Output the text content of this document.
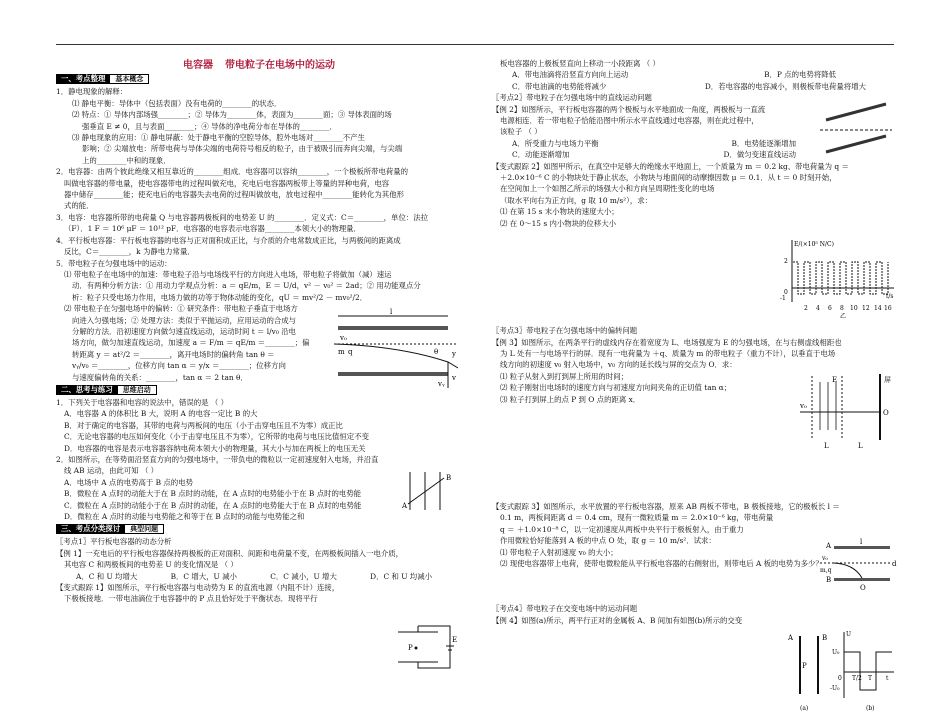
电容器 带电粒子在电场中的运动
一、考点整理	基本概念

1．静电现象的解释：

⑴ 静电平衡：导体中（包括表面）没有电荷的________的状态．

⑵ 特点：① 导体内部场强________；② 导体为________体，表面为________面；③ 导体表面的场

强垂直 E ≠ 0，且与表面________；④ 导体的净电荷分布在导体的________．

⑶ 静电现象的应用：① 静电屏蔽：处于静电平衡的空腔导体，腔外电场对________不产生

影响；② 尖端放电：所带电荷与导体尖端的电荷符号相反的粒子，由于被吸引而奔向尖端，与尖端

上的________中和的现象．

2．电容器：由两个彼此绝缘又相互靠近的________组成．电容器可以容纳________，一个极板所带电荷量的

叫做电容器的带电量，使电容器带电的过程叫做充电，充电后电容器两板带上等量的异种电荷，电容

器中储存________能；使充电后的电容器失去电荷的过程叫做放电，放电过程中________能转化为其他形

式的能．

3．电容：电容器所带的电荷量 Q 与电容器两极板间的电势差 U 的________．定义式：C＝________，单位：法拉

（F）．1 F ＝ 10⁶ μF ＝ 10¹² pF．电容器的电容表示电容器________本领大小的物理量．

4．平行板电容器：平行板电容器的电容与正对面积成正比，与介质的介电常数成正比，与两极间的距离成

反比，C＝________，k 为静电力常量．

5．带电粒子在匀强电场中的运动：

⑴ 带电粒子在电场中的加速：带电粒子沿与电场线平行的方向进入电场，带电粒子将做加（减）速运

动．有两种分析方法：① 用动力学观点分析：a ＝ qE/m，E ＝ U/d，v² － v₀² ＝ 2ad；② 用功能观点分

析：粒子只受电场力作用，电场力做的功等于物体动能的变化，qU ＝ mv²/2 － mv₀²/2．

⑵ 带电粒子在匀强电场中的偏转：① 研究条件：带电粒子垂直于电场方

向进入匀强电场；② 处理方法：类似于平抛运动，应用运动的合成与

分解的方法．沿初速度方向做匀速直线运动，运动时间 t ＝ l/v₀ 沿电

场方向，做匀加速直线运动，加速度 a ＝ F/m ＝ qE/m ＝________；偏

转距离 y ＝ at²/2 ＝________，离开电场时的偏转角 tan θ ＝

vᵧ/v₀ ＝________，位移方向 tan α ＝ y/x ＝________；位移方向

与速度偏转角的关系：________，tan α ＝ 2 tan θ．

二、思考与练习	思维启动

1．下列关于电容器和电容的说法中，错误的是 （ ）

A．电容器 A 的体积比 B 大，说明 A 的电容一定比 B 的大

B．对于确定的电容器，其带的电荷与两板间的电压（小于击穿电压且不为零）成正比

C．无论电容器的电压如何变化（小于击穿电压且不为零），它所带的电荷与电压比值恒定不变

D．电容器的电容是表示电容器容纳电荷本领大小的物理量，其大小与加在两板上的电压无关

2．如图所示，在等势面沿竖直方向的匀强电场中，一带负电的微粒以一定初速度射入电场，并沿直

线 AB 运动，由此可知 （ ）

A．电场中 A 点的电势高于 B 点的电势

B．微粒在 A 点时的动能大于在 B 点时的动能，在 A 点时的电势能小于在 B 点时的电势能

C．微粒在 A 点时的动能小于在 B 点时的动能，在 A 点时的电势能大于在 B 点时的电势能

D．微粒在 A 点时的动能与电势能之和等于在 B 点时的动能与电势能之和

三、考点分类探讨	典型问题

〖考点1〗平行板电容器的动态分析

【例 1】一充电后的平行板电容器保持两极板的正对面积、间距和电荷量不变，在两极板间插入一电介质，

其电容 C 和两极板间的电势差 U 的变化情况是 （ ）

A．C 和 U 均增大	B．C 增大，U 减小	C．C 减小，U 增大	D．C 和 U 均减小

【变式跟踪 1】如图所示，平行板电容器与电动势为 E 的直流电源（内阻不计）连接，

下极板接地．一带电油滴位于电容器中的 P 点且恰好处于平衡状态．现将平行

v₀
m q
l
θ y
vᵧ
v
A
B
P
E

板电容器的上极板竖直向上移动一小段距离 （ ）

A．带电油滴将沿竖直方向向上运动	B．P 点的电势将降低
C．带电油滴的电势能将减少	D．若电容器的电容减小，则极板带电荷量将增大

〖考点2〗带电粒子在匀强电场中的直线运动问题

【例 2】如图所示，平行板电容器的两个极板与水平地面成一角度，两极板与一直流

电源相连．若一带电粒子恰能沿图中所示水平直线通过电容器，则在此过程中，

该粒子 （ ）

A．所受重力与电场力平衡	B．电势能逐渐增加
C．动能逐渐增加	D．做匀变速直线运动

【变式跟踪 2】如图甲所示，在真空中足够大的绝缘水平地面上，一个质量为 m ＝ 0.2 kg、带电荷量为 q ＝

＋2.0×10⁻⁶ C 的小物块处于静止状态，小物块与地面间的动摩擦因数 μ ＝ 0.1．从 t ＝ 0 时刻开始，

在空间加上一个如图乙所示的场强大小和方向呈周期性变化的电场

（取水平向右为正方向，g 取 10 m/s²），求：

⑴ 在第 15 s 末小物块的速度大小；

⑵ 在 0～15 s 内小物块的位移大小

〖考点3〗带电粒子在匀强电场中的偏转问题

【例 3】如图所示，在两条平行的虚线内存在着宽度为 L、电场强度为 E 的匀强电场，在与右侧虚线相距也

为 L 处有一与电场平行的屏．现有一电荷量为 ＋q、质量为 m 的带电粒子（重力不计），以垂直于电场

线方向的初速度 v₀ 射入电场中，v₀ 方向的延长线与屏的交点为 O．求：

⑴ 粒子从射入到打到屏上所用的时间；

⑵ 粒子刚射出电场时的速度方向与初速度方向间夹角的正切值 tan α；

⑶ 粒子打到屏上的点 P 到 O 点的距离 x．

【变式跟踪 3】如图所示，水平放置的平行板电容器，原来 AB 两板不带电，B 极板接地，它的极板长 l ＝

0.1 m，两板间距离 d ＝ 0.4 cm，现有一微粒质量 m ＝ 2.0×10⁻⁶ kg，带电荷量

q ＝ ＋1.0×10⁻⁸ C，以一定初速度从两板中央平行于极板射入，由于重力

作用微粒恰好能落到 A 板的中点 O 处，取 g ＝ 10 m/s²．试求：

⑴ 带电粒子入射初速度 v₀ 的大小；

⑵ 现使电容器带上电荷，使带电微粒能从平行板电容器的右侧射出，则带电后 A 板的电势为多少？

〖考点4〗带电粒子在交变电场中的运动问题

【例 4】如图(a)所示，两平行正对的金属板 A、B 间加有如图(b)所示的交变

E/(×10⁵ N/C)
2
-1	t/s
0
2 4 6 8 10 12 14 16
乙
E
O
v₀
L	L
屏
A
B
O
v₀
m,q
l
d
A	B
P
(a)
U
U₀
-U₀
0 T/2 T t
(b)
